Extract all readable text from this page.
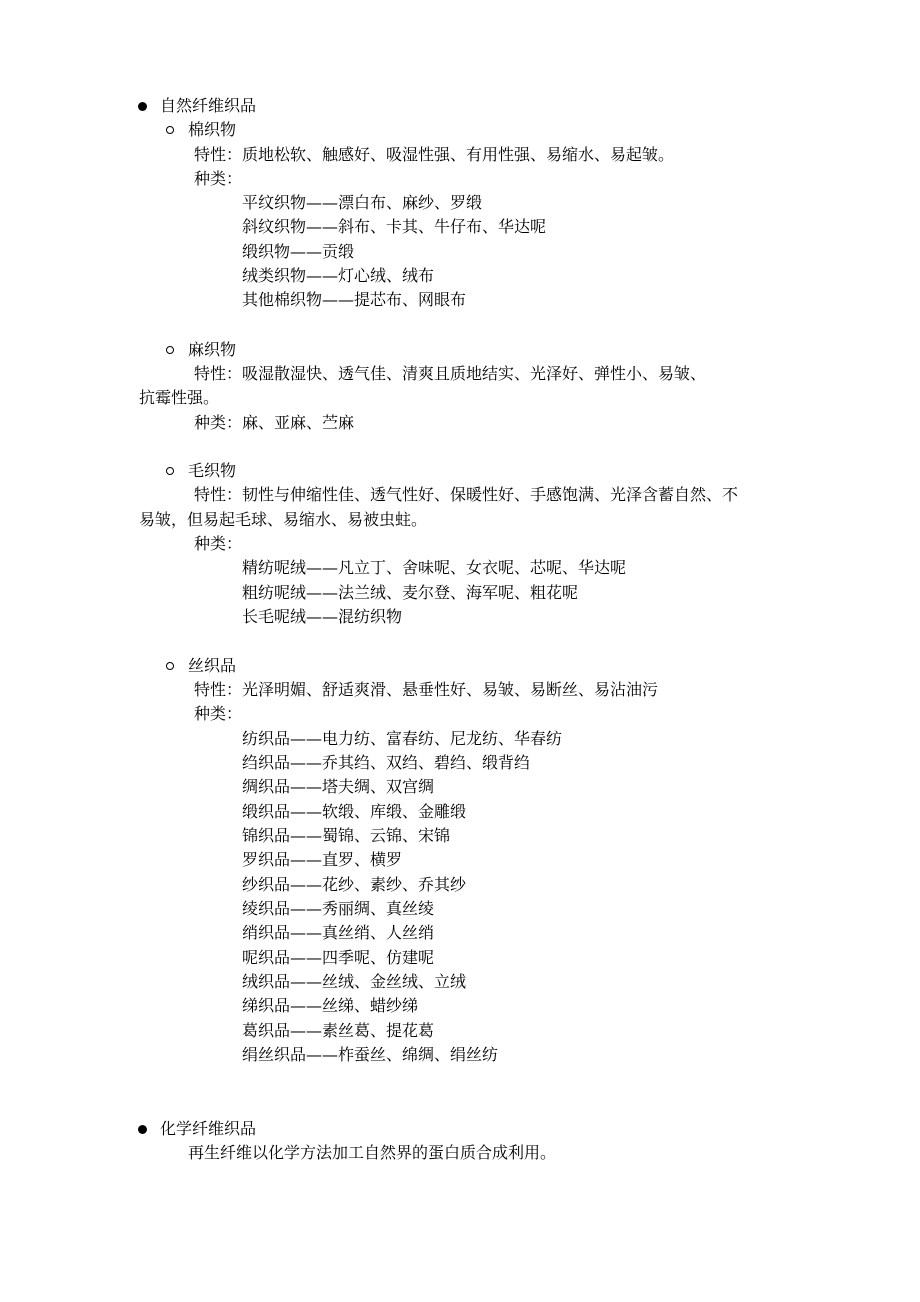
自然纤维织品
棉织物
特性：质地松软、触感好、吸湿性强、有用性强、易缩水、易起皱。
种类：
平纹织物——漂白布、麻纱、罗缎
斜纹织物——斜布、卡其、牛仔布、华达呢
缎织物——贡缎
绒类织物——灯心绒、绒布
其他棉织物——提芯布、网眼布
麻织物
特性：吸湿散湿快、透气佳、清爽且质地结实、光泽好、弹性小、易皱、
抗霉性强。
种类：麻、亚麻、苎麻
毛织物
特性：韧性与伸缩性佳、透气性好、保暖性好、手感饱满、光泽含蓄自然、不
易皱，但易起毛球、易缩水、易被虫蛀。
种类：
精纺呢绒——凡立丁、舍味呢、女衣呢、芯呢、华达呢
粗纺呢绒——法兰绒、麦尔登、海军呢、粗花呢
长毛呢绒——混纺织物
丝织品
特性：光泽明媚、舒适爽滑、悬垂性好、易皱、易断丝、易沾油污
种类：
纺织品——电力纺、富春纺、尼龙纺、华春纺
绉织品——乔其绉、双绉、碧绉、缎背绉
绸织品——塔夫绸、双宫绸
缎织品——软缎、库缎、金雕缎
锦织品——蜀锦、云锦、宋锦
罗织品——直罗、横罗
纱织品——花纱、素纱、乔其纱
绫织品——秀丽绸、真丝绫
绡织品——真丝绡、人丝绡
呢织品——四季呢、仿建呢
绒织品——丝绒、金丝绒、立绒
绨织品——丝绨、蜡纱绨
葛织品——素丝葛、提花葛
绢丝织品——柞蚕丝、绵绸、绢丝纺
化学纤维织品
再生纤维以化学方法加工自然界的蛋白质合成利用。
